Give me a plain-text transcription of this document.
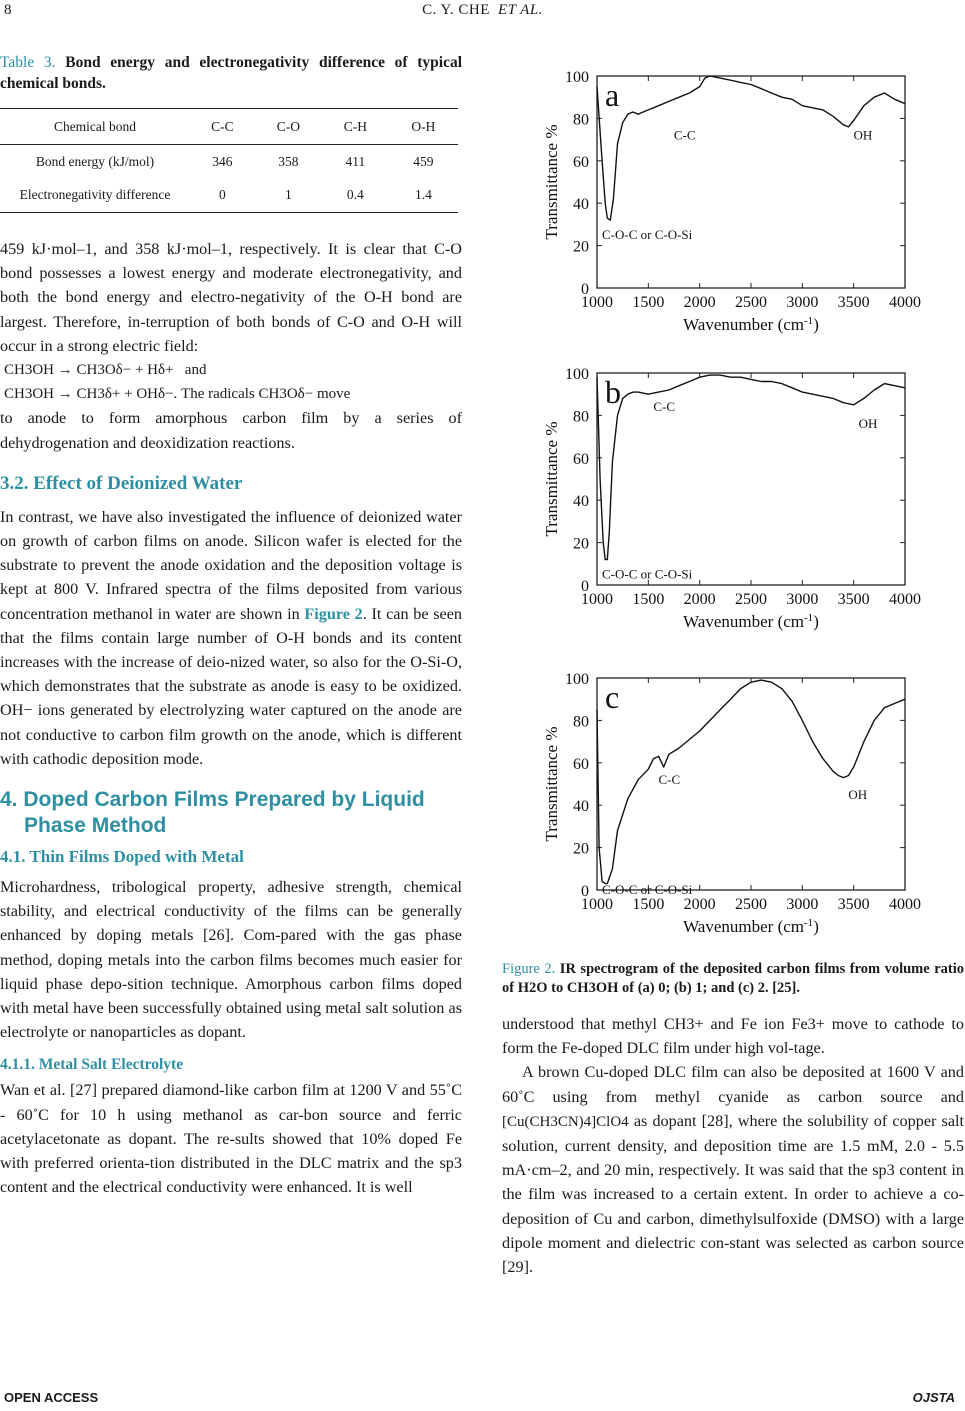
8	C. Y. CHE ET AL.
Table 3. Bond energy and electronegativity difference of typical chemical bonds.
Chemical bond	C-C	C-O	C-H	O-H
Bond energy (kJ/mol)	346	358	411	459
Electronegativity difference	0	1	0.4	1.4

459 kJ·mol–1, and 358 kJ·mol–1, respectively. It is clear that C-O bond possesses a lowest energy and moderate electronegativity, and both the bond energy and electro-negativity of the O-H bond are largest. Therefore, in-terruption of both bonds of C-O and O-H will occur in a strong electric field:

CH3OH → CH3Oδ− + Hδ+ and
CH3OH → CH3δ+ + OHδ−. The radicals CH3Oδ− move

to anode to form amorphous carbon film by a series of dehydrogenation and deoxidization reactions.

3.2. Effect of Deionized Water

In contrast, we have also investigated the influence of deionized water on growth of carbon films on anode. Silicon wafer is elected for the substrate to prevent the anode oxidation and the deposition voltage is kept at 800 V. Infrared spectra of the films deposited from various concentration methanol in water are shown in Figure 2. It can be seen that the films contain large number of O-H bonds and its content increases with the increase of deio-nized water, so also for the O-Si-O, which demonstrates that the substrate as anode is easy to be oxidized. OH− ions generated by electrolyzing water captured on the anode are not conductive to carbon film growth on the anode, which is different with cathodic deposition mode.

4. Doped Carbon Films Prepared by Liquid Phase Method
4.1. Thin Films Doped with Metal

Microhardness, tribological property, adhesive strength, chemical stability, and electrical conductivity of the films can be generally enhanced by doping metals [26]. Com-pared with the gas phase method, doping metals into the carbon films becomes much easier for liquid phase depo-sition technique. Amorphous carbon films doped with metal have been successfully obtained using metal salt solution as electrolyte or nanoparticles as dopant.

4.1.1. Metal Salt Electrolyte

Wan et al. [27] prepared diamond-like carbon film at 1200 V and 55˚C - 60˚C for 10 h using methanol as car-bon source and ferric acetylacetonate as dopant. The re-sults showed that 10% doped Fe with preferred orienta-tion distributed in the DLC matrix and the sp3 content and the electrical conductivity were enhanced. It is well

1000 1500 2000 2500 3000 3500 4000
0
20
40
60
80
100
Wavenumber $(cm^{-1})$
Transmittance %
a
C-C	OH
C-O-C or C-O-Si
1000 1500 2000 2500 3000 3500 4000
0
20
40
60
80
100
Wavenumber $(cm^{-1})$
Transmittance %
b C-C
OH
C-O-C or C-O-Si
1000 1500 2000 2500 3000 3500 4000
0
20
40
60
80
100
Wavenumber $(cm^{-1})$
Transmittance %
c
C-C
OH
C-O-C or C-O-Si
Figure 2. IR spectrogram of the deposited carbon films from volume ratio of H2O to CH3OH of (a) 0; (b) 1; and (c) 2. [25].

understood that methyl CH3+ and Fe ion Fe3+ move to cathode to form the Fe-doped DLC film under high vol-tage.

A brown Cu-doped DLC film can also be deposited at 1600 V and 60˚C using from methyl cyanide as carbon source and [Cu(CH3CN)4]ClO4 as dopant [28], where the solubility of copper salt solution, current density, and deposition time are 1.5 mM, 2.0 - 5.5 mA·cm–2, and 20 min, respectively. It was said that the sp3 content in the film was increased to a certain extent. In order to achieve a co-deposition of Cu and carbon, dimethylsulfoxide (DMSO) with a large dipole moment and dielectric con-stant was selected as carbon source [29].

OPEN ACCESS	OJSTA
